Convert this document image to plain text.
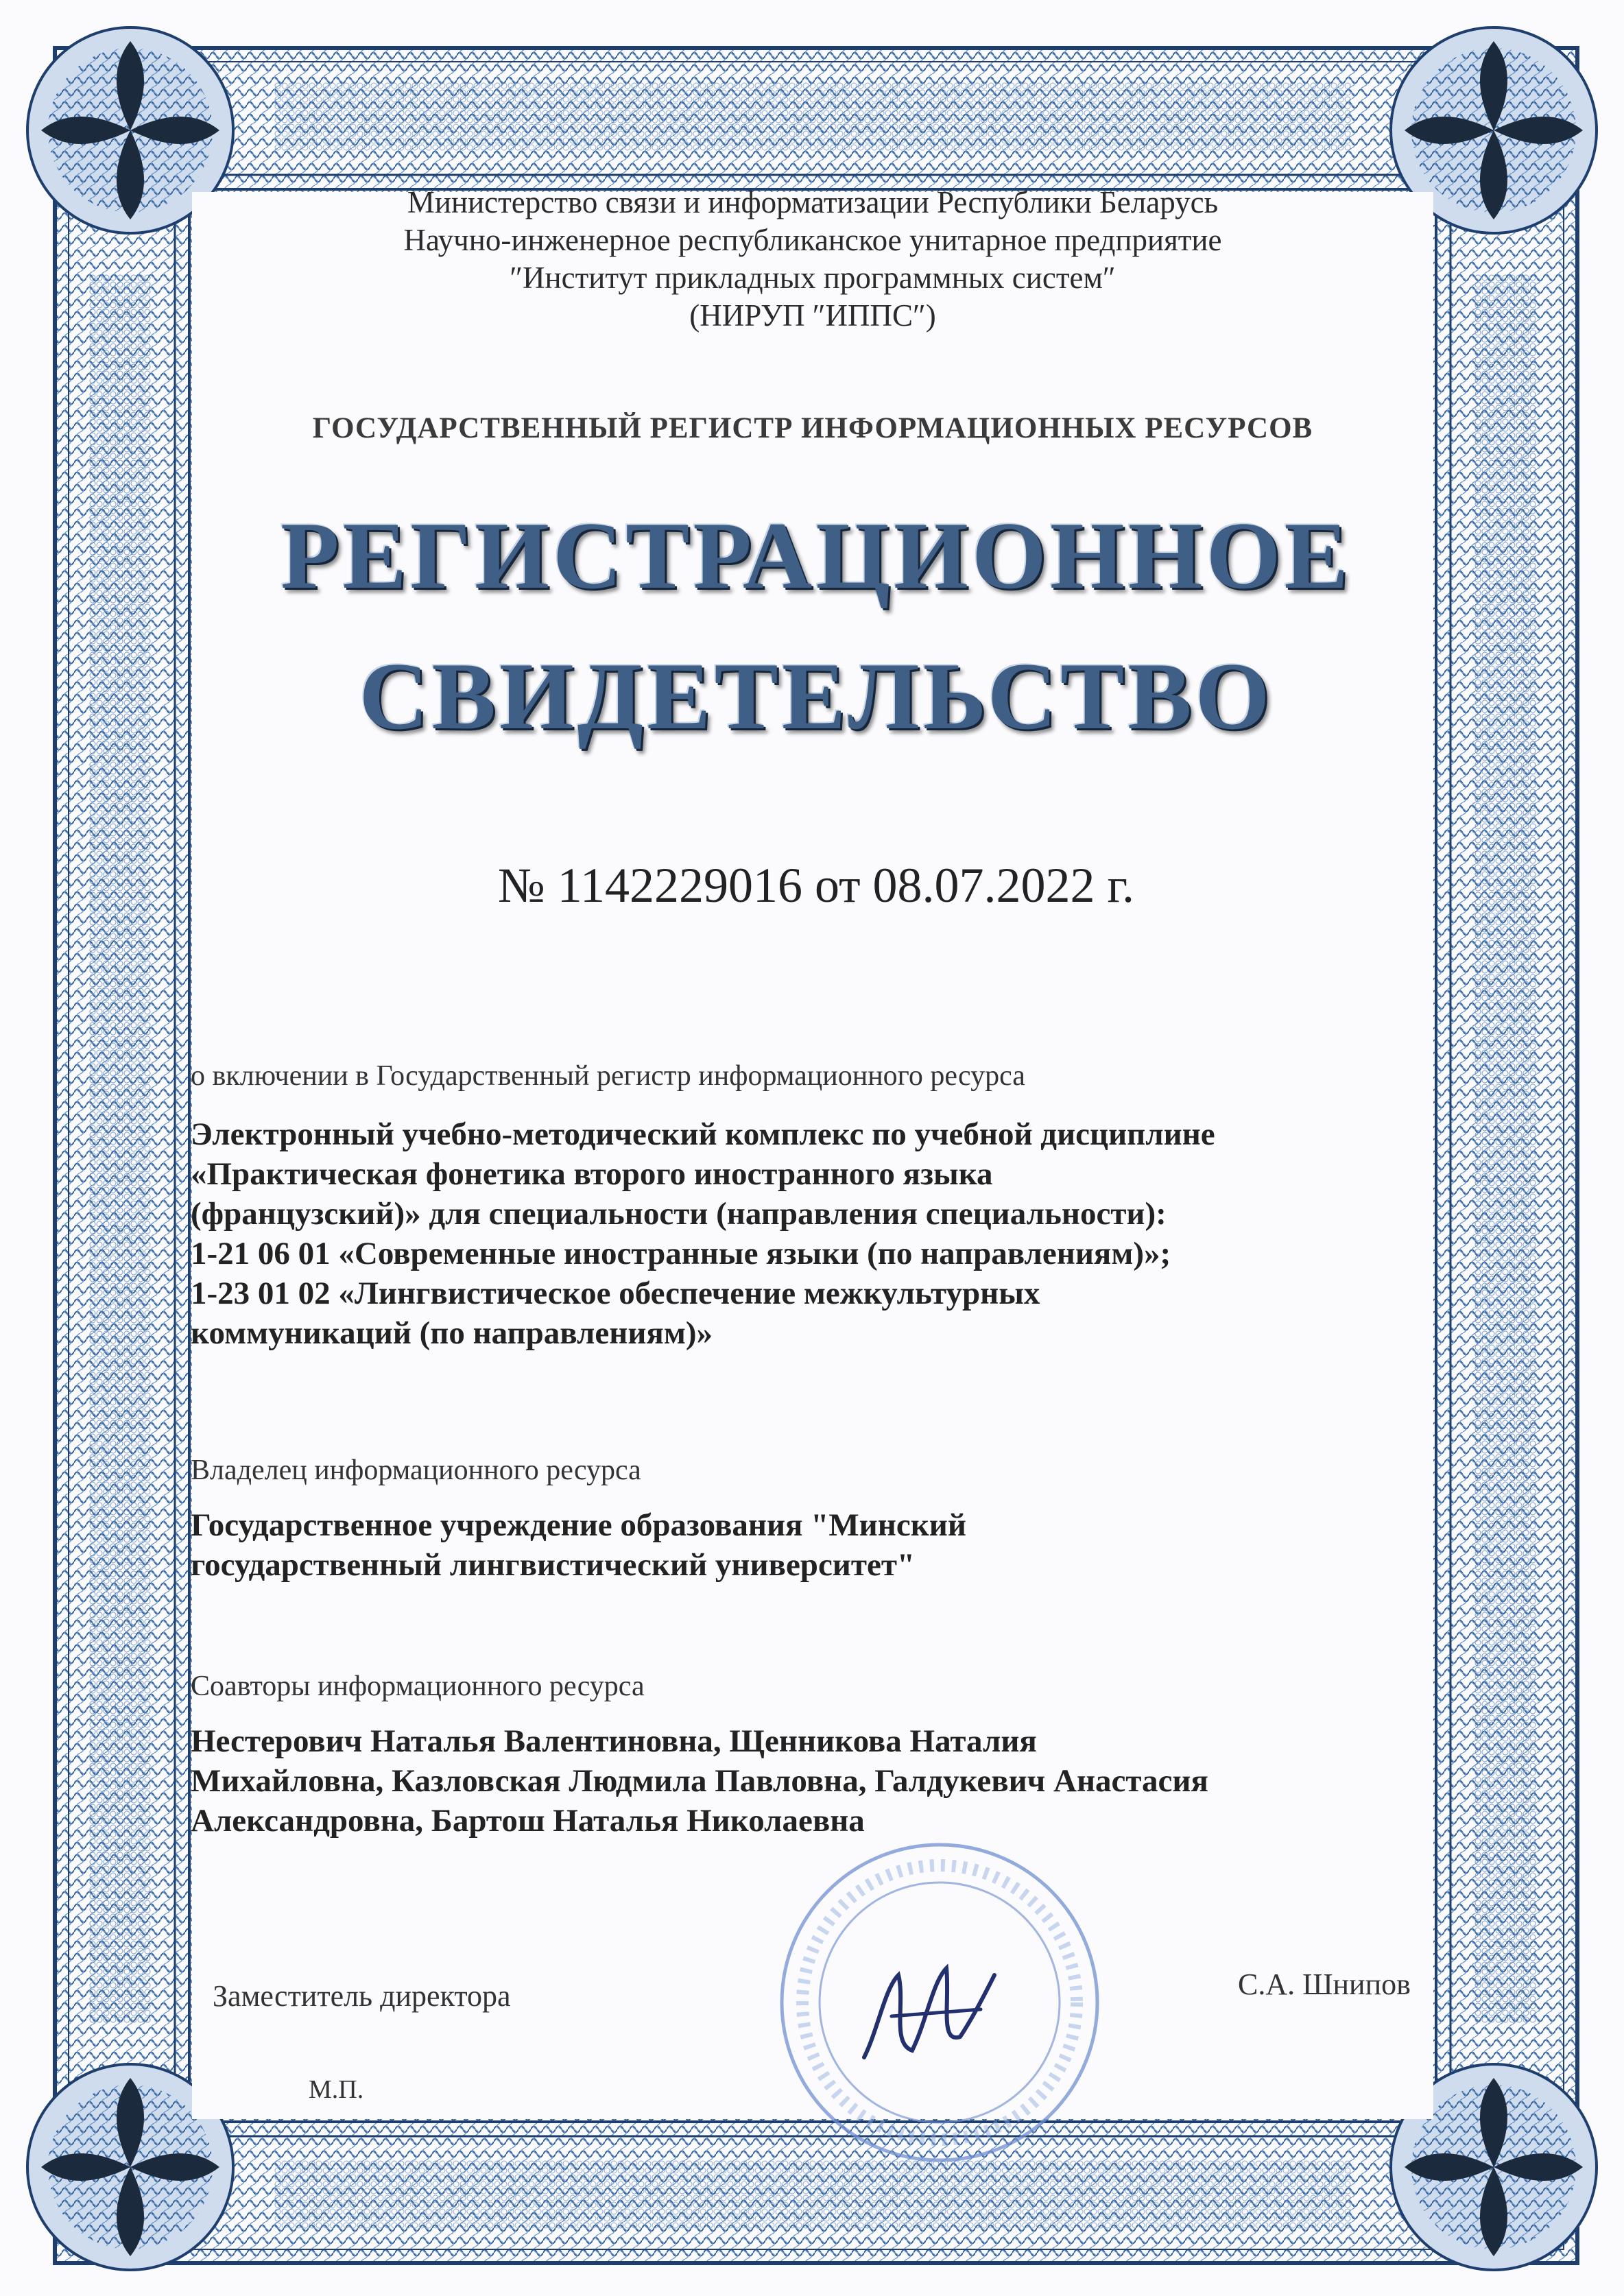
Министерство связи и информатизации Республики Беларусь
Научно-инженерное республиканское унитарное предприятие
″Институт прикладных программных систем″
(НИРУП ″ИППС″)
ГОСУДАРСТВЕННЫЙ РЕГИСТР ИНФОРМАЦИОННЫХ РЕСУРСОВ
РЕГИСТРАЦИОННОЕ
СВИДЕТЕЛЬСТВО
№ 1142229016 от 08.07.2022 г.
о включении в Государственный регистр информационного ресурса
Электронный учебно-методический комплекс по учебной дисциплине
«Практическая фонетика второго иностранного языка
(французский)» для специальности (направления специальности):
1-21 06 01 «Современные иностранные языки (по направлениям)»;
1-23 01 02 «Лингвистическое обеспечение межкультурных
коммуникаций (по направлениям)»
Владелец информационного ресурса
Государственное учреждение образования "Минский
государственный лингвистический университет"
Соавторы информационного ресурса
Нестерович Наталья Валентиновна, Щенникова Наталия
Михайловна, Казловская Людмила Павловна, Галдукевич Анастасия
Александровна, Бартош Наталья Николаевна
Заместитель директора	С.А. Шнипов
М.П.
